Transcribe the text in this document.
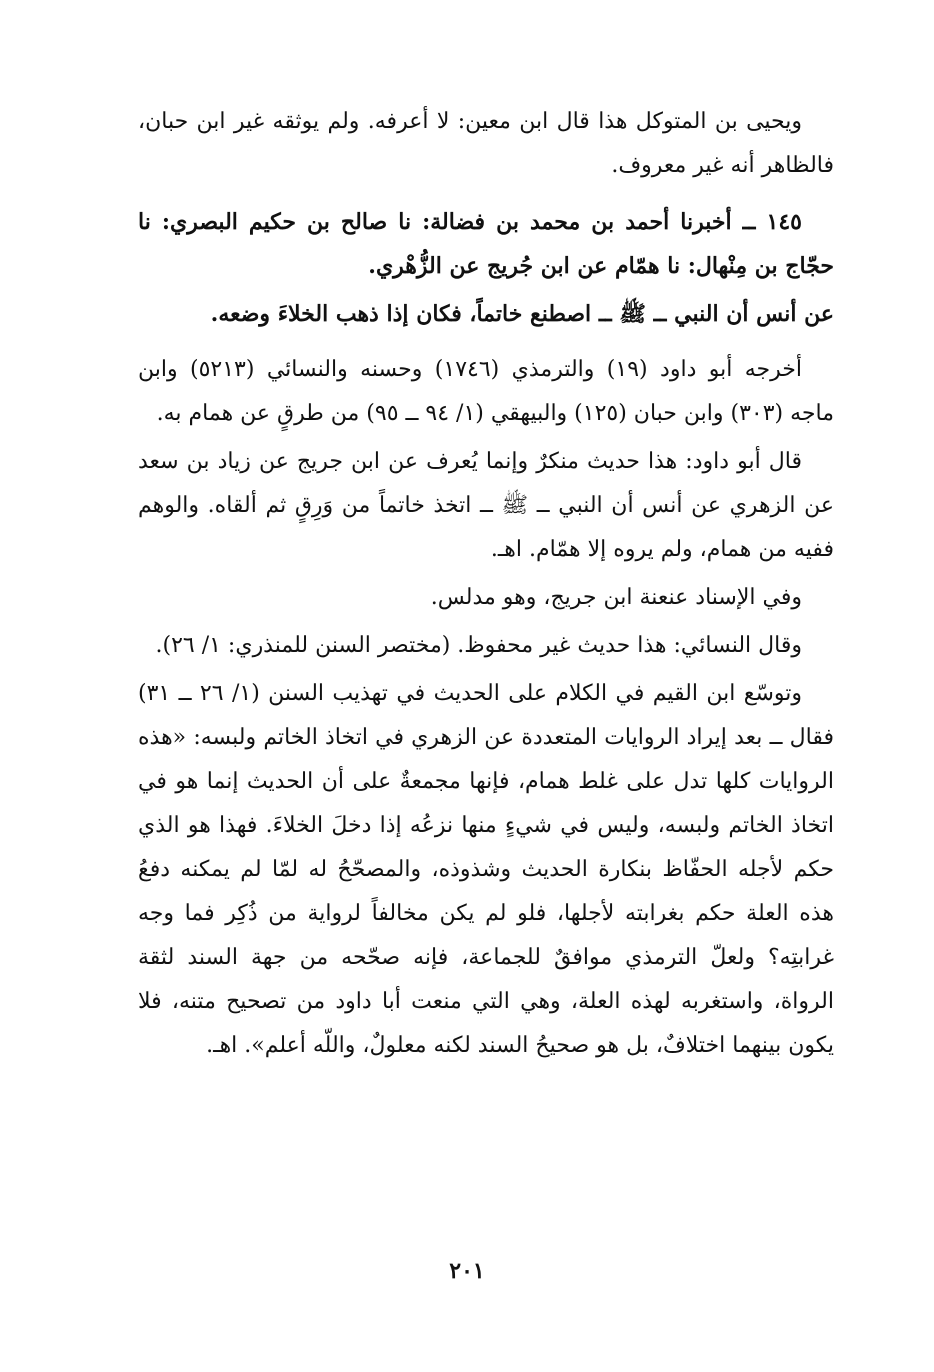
ويحيى بن المتوكل هذا قال ابن معين: لا أعرفه. ولم يوثقه غير ابن حبان، فالظاهر أنه غير معروف.

١٤٥ ــ أخبرنا أحمد بن محمد بن فضالة: نا صالح بن حكيم البصري: نا حجّاج بن مِنْهال: نا همّام عن ابن جُريج عن الزُّهْري.

عن أنس أن النبي ــ ﷺ ــ اصطنع خاتماً، فكان إذا ذهب الخلاءَ وضعه.

أخرجه أبو داود (١٩) والترمذي (١٧٤٦) وحسنه والنسائي (٥٢١٣) وابن ماجه (٣٠٣) وابن حبان (١٢٥) والبيهقي (١/ ٩٤ ــ ٩٥) من طرقٍ عن همام به.

قال أبو داود: هذا حديث منكرٌ وإنما يُعرف عن ابن جريج عن زياد بن سعد عن الزهري عن أنس أن النبي ــ ﷺ ــ اتخذ خاتماً من وَرِقٍ ثم ألقاه. والوهم ففيه من همام، ولم يروه إلا همّام. اهـ.

وفي الإسناد عنعنة ابن جريج، وهو مدلس.

وقال النسائي: هذا حديث غير محفوظ. (مختصر السنن للمنذري: ١/ ٢٦).

وتوسّع ابن القيم في الكلام على الحديث في تهذيب السنن (١/ ٢٦ ــ ٣١) فقال ــ بعد إيراد الروايات المتعددة عن الزهري في اتخاذ الخاتم ولبسه: «هذه الروايات كلها تدل على غلط همام، فإنها مجمعةٌ على أن الحديث إنما هو في اتخاذ الخاتم ولبسه، وليس في شيءٍ منها نزعُه إذا دخلَ الخلاءَ. فهذا هو الذي حكم لأجله الحفّاظ بنكارة الحديث وشذوذه، والمصحّحُ له لمّا لم يمكنه دفعُ هذه العلة حكم بغرابته لأجلها، فلو لم يكن مخالفاً لرواية من ذُكِر فما وجه غرابتِه؟ ولعلّ الترمذي موافقٌ للجماعة، فإنه صحّحه من جهة السند لثقة الرواة، واستغربه لهذه العلة، وهي التي منعت أبا داود من تصحيح متنه، فلا يكون بينهما اختلافٌ، بل هو صحيحُ السند لكنه معلولٌ، واللّه أعلم». اهـ.

٢٠١
